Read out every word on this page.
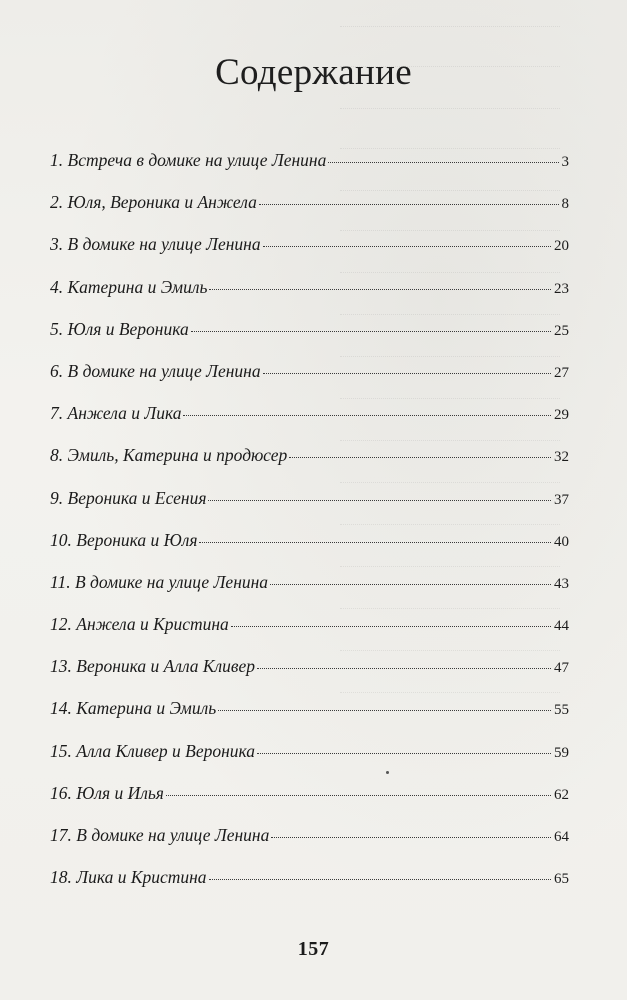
Содержание
1. Встреча в домике на улице Ленина	3
2. Юля, Вероника и Анжела	8
3. В домике на улице Ленина	20
4. Катерина и Эмиль	23
5. Юля и Вероника	25
6. В домике на улице Ленина	27
7. Анжела и Лика	29
8. Эмиль, Катерина и продюсер	32
9. Вероника и Есения	37
10. Вероника и Юля	40
11. В домике на улице Ленина	43
12. Анжела и Кристина	44
13. Вероника и Алла Кливер	47
14. Катерина и Эмиль	55
15. Алла Кливер и Вероника	59
16. Юля и Илья	62
17. В домике на улице Ленина	64
18. Лика и Кристина	65
157
